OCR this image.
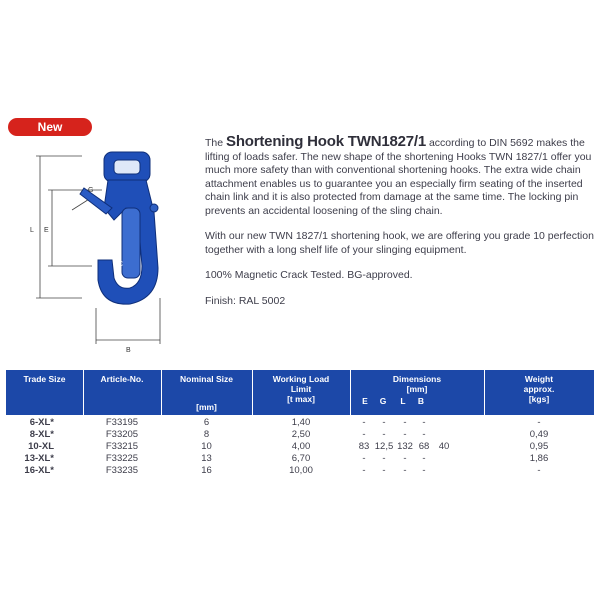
New
L E
G
C
B

The Shortening Hook TWN1827/1 according to DIN 5692 makes the lifting of loads safer. The new shape of the shortening Hooks TWN 1827/1 offer you much more safety than with conventional shortening hooks. The extra wide chain attachment enables us to guarantee you an especially firm seating of the inserted chain link and it is also protected from damage at the same time. The locking pin prevents an accidental loosening of the sling chain.

With our new TWN 1827/1 shortening hook, we are offering you grade 10 perfection together with a long shelf life of your slinging equipment.

100% Magnetic Crack Tested. BG-approved.

Finish: RAL 5002

Trade Size	Article-No.	Nominal Size
[mm]
Working Load
Limit
[t max]
Dimensions
[mm]
E	G	L	B
Weight
approx.
[kgs]
6-XL*	F33195	6	1,40	-	-	-	-	-
8-XL*	F33205	8	2,50	-	-	-	-	0,49
10-XL	F33215	10	4,00	83 12,5 132 68 40	0,95
13-XL*	F33225	13	6,70	-	-	-	-	1,86
16-XL*	F33235	16	10,00	-	-	-	-	-
